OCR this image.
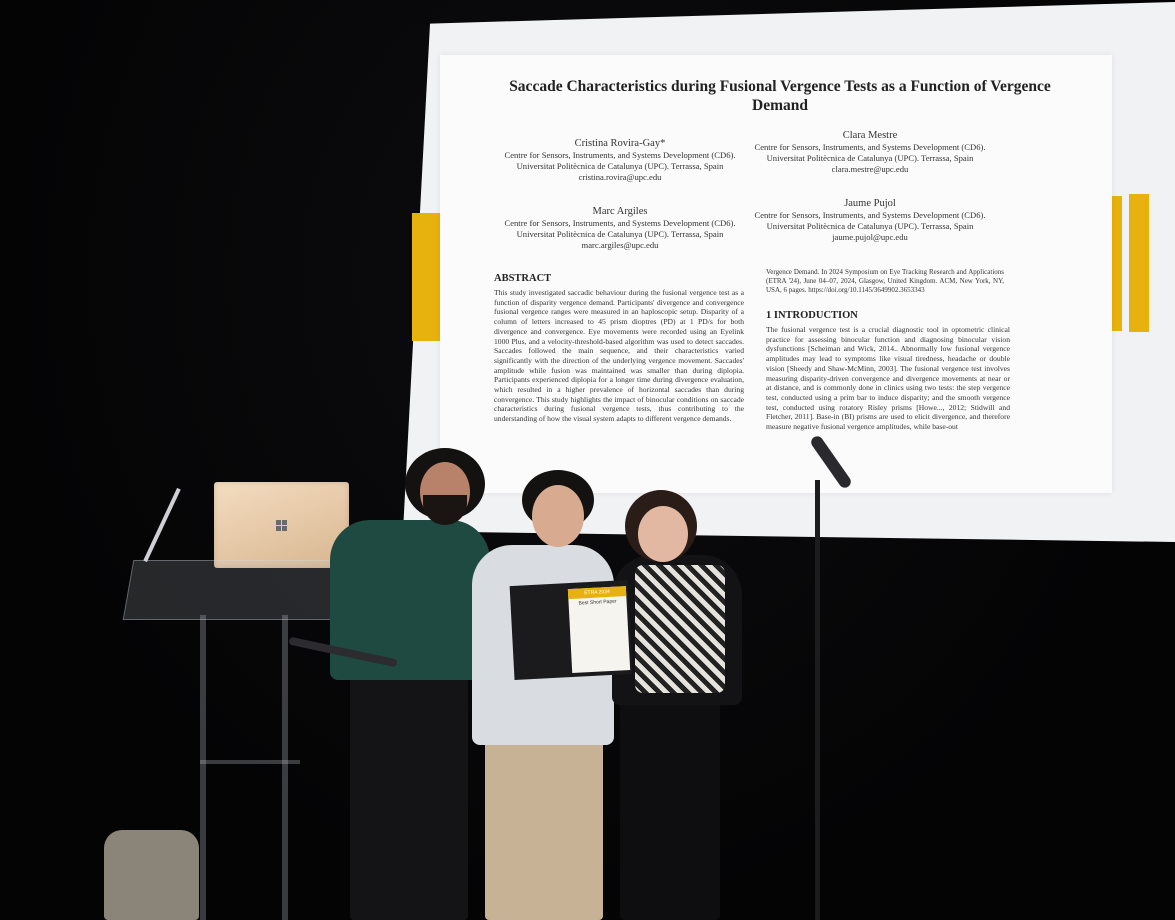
Saccade Characteristics during Fusional Vergence Tests as a Function of Vergence Demand
Cristina Rovira-Gay*
Centre for Sensors, Instruments, and Systems Development (CD6). Universitat Politècnica de Catalunya (UPC). Terrassa, Spain
cristina.rovira@upc.edu
Clara Mestre
Centre for Sensors, Instruments, and Systems Development (CD6). Universitat Politècnica de Catalunya (UPC). Terrassa, Spain
clara.mestre@upc.edu
Marc Argiles
Centre for Sensors, Instruments, and Systems Development (CD6). Universitat Politècnica de Catalunya (UPC). Terrassa, Spain
marc.argiles@upc.edu
Jaume Pujol
Centre for Sensors, Instruments, and Systems Development (CD6). Universitat Politècnica de Catalunya (UPC). Terrassa, Spain
jaume.pujol@upc.edu
ABSTRACT
This study investigated saccadic behaviour during the fusional vergence test as a function of disparity vergence demand. Participants' divergence and convergence fusional vergence ranges were measured in an haploscopic setup. Disparity of a column of letters increased to 45 prism dioptres (PD) at 1 PD/s for both divergence and convergence. Eye movements were recorded using an Eyelink 1000 Plus, and a velocity-threshold-based algorithm was used to detect saccades. Saccades followed the main sequence, and their characteristics varied significantly with the direction of the underlying vergence movement. Saccades' amplitude while fusion was maintained was smaller than during diplopia. Participants experienced diplopia for a longer time during divergence evaluation, which resulted in a higher prevalence of horizontal saccades than during convergence. This study highlights the impact of binocular conditions on saccade characteristics during fusional vergence tests, thus contributing to the understanding of how the visual system adapts to different vergence demands.
Vergence Demand. In 2024 Symposium on Eye Tracking Research and Applications (ETRA '24), June 04–07, 2024, Glasgow, United Kingdom. ACM, New York, NY, USA, 6 pages. https://doi.org/10.1145/3649902.3653343
1 INTRODUCTION
The fusional vergence test is a crucial diagnostic tool in optometric clinical practice for assessing binocular function and diagnosing binocular vision dysfunctions [Scheiman and Wick, 2014.. Abnormally low fusional vergence amplitudes may lead to symptoms like visual tiredness, headache or double vision [Sheedy and Shaw-McMinn, 2003]. The fusional vergence test involves measuring disparity-driven convergence and divergence movements at near or at distance, and is commonly done in clinics using two tests: the step vergence test, conducted using a prim bar to induce disparity; and the smooth vergence test, conducted using rotatory Risley prisms [Howe..., 2012; Stidwill and Fletcher, 2011]. Base-in (BI) prisms are used to elicit divergence, and therefore measure negative fusional vergence amplitudes, while base-out
ETRA 2024
Best Short Paper
